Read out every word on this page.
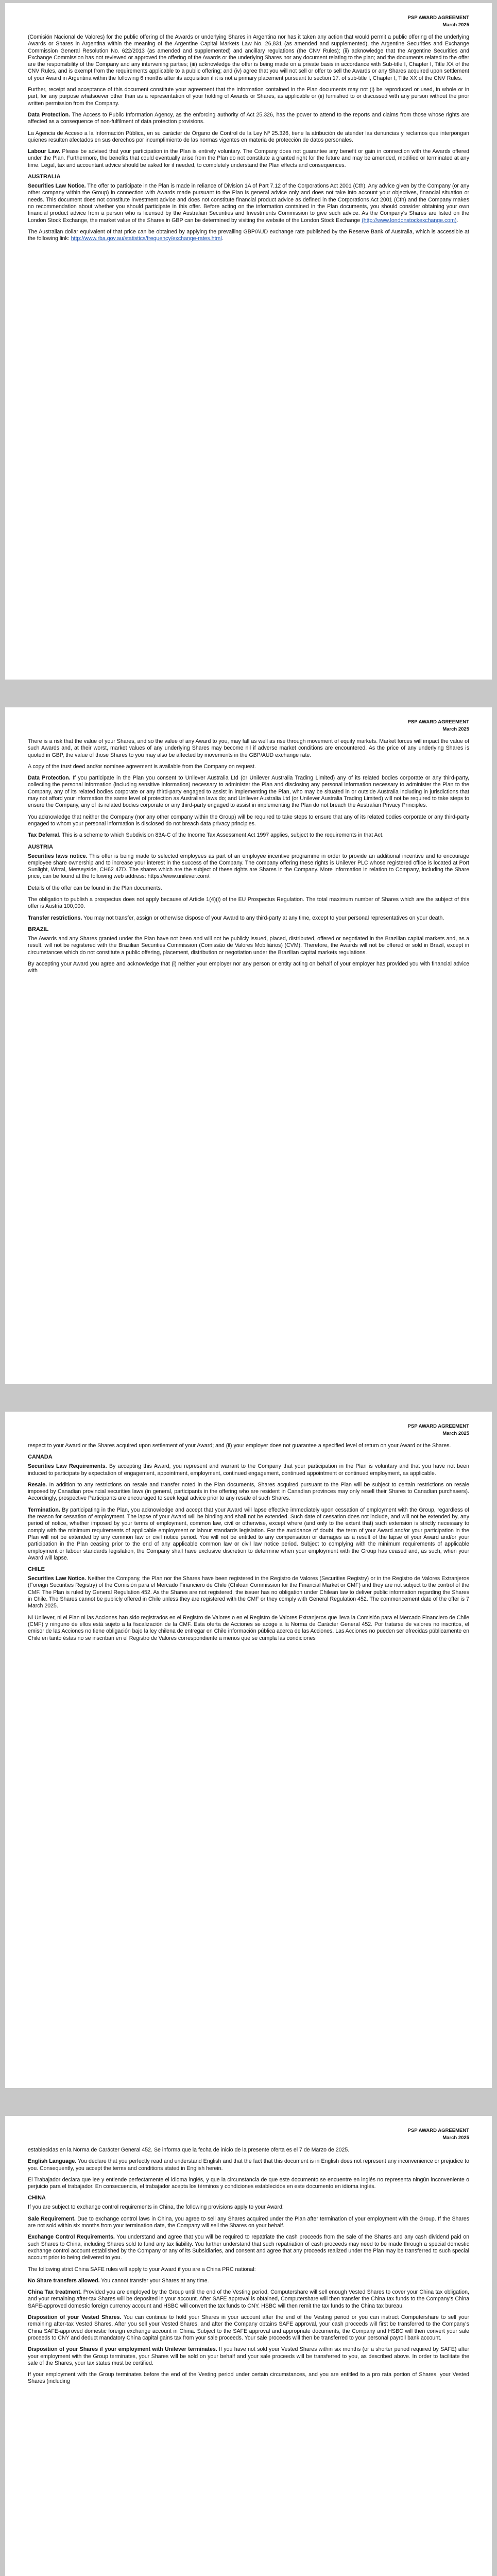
PSP AWARD AGREEMENT
March 2025

(Comisión Nacional de Valores) for the public offering of the Awards or underlying Shares in Argentina nor has it taken any action that would permit a public offering of the underlying Awards or Shares in Argentina within the meaning of the Argentine Capital Markets Law No. 26,831 (as amended and supplemented), the Argentine Securities and Exchange Commission General Resolution No. 622/2013 (as amended and supplemented) and ancillary regulations (the CNV Rules); (ii) acknowledge that the Argentine Securities and Exchange Commission has not reviewed or approved the offering of the Awards or the underlying Shares nor any document relating to the plan; and the documents related to the offer are the responsibility of the Company and any intervening parties; (iii) acknowledge the offer is being made on a private basis in accordance with Sub-title I, Chapter I, Title XX of the CNV Rules, and is exempt from the requirements applicable to a public offering; and (iv) agree that you will not sell or offer to sell the Awards or any Shares acquired upon settlement of your Award in Argentina within the following 6 months after its acquisition if it is not a primary placement pursuant to section 17. of sub-title I, Chapter I, Title XX of the CNV Rules.

Further, receipt and acceptance of this document constitute your agreement that the information contained in the Plan documents may not (i) be reproduced or used, in whole or in part, for any purpose whatsoever other than as a representation of your holding of Awards or Shares, as applicable or (ii) furnished to or discussed with any person without the prior written permission from the Company.

Data Protection. The Access to Public Information Agency, as the enforcing authority of Act 25.326, has the power to attend to the reports and claims from those whose rights are affected as a consequence of non-fulfilment of data protection provisions.

La Agencia de Acceso a la Información Pública, en su carácter de Órgano de Control de la Ley Nº 25.326, tiene la atribución de atender las denuncias y reclamos que interpongan quienes resulten afectados en sus derechos por incumplimiento de las normas vigentes en materia de protección de datos personales.

Labour Law. Please be advised that your participation in the Plan is entirely voluntary. The Company does not guarantee any benefit or gain in connection with the Awards offered under the Plan. Furthermore, the benefits that could eventually arise from the Plan do not constitute a granted right for the future and may be amended, modified or terminated at any time. Legal, tax and accountant advice should be asked for if needed, to completely understand the Plan effects and consequences.

AUSTRALIA

Securities Law Notice. The offer to participate in the Plan is made in reliance of Division 1A of Part 7.12 of the Corporations Act 2001 (Cth). Any advice given by the Company (or any other company within the Group) in connection with Awards made pursuant to the Plan is general advice only and does not take into account your objectives, financial situation or needs. This document does not constitute investment advice and does not constitute financial product advice as defined in the Corporations Act 2001 (Cth) and the Company makes no recommendation about whether you should participate in this offer. Before acting on the information contained in the Plan documents, you should consider obtaining your own financial product advice from a person who is licensed by the Australian Securities and Investments Commission to give such advice. As the Company's Shares are listed on the London Stock Exchange, the market value of the Shares in GBP can be determined by visiting the website of the London Stock Exchange (http://www.londonstockexchange.com).

The Australian dollar equivalent of that price can be obtained by applying the prevailing GBP/AUD exchange rate published by the Reserve Bank of Australia, which is accessible at the following link: http://www.rba.gov.au/statistics/frequency/exchange-rates.html.

PSP AWARD AGREEMENT
March 2025

There is a risk that the value of your Shares, and so the value of any Award to you, may fall as well as rise through movement of equity markets. Market forces will impact the value of such Awards and, at their worst, market values of any underlying Shares may become nil if adverse market conditions are encountered. As the price of any underlying Shares is quoted in GBP, the value of those Shares to you may also be affected by movements in the GBP/AUD exchange rate.

A copy of the trust deed and/or nominee agreement is available from the Company on request.

Data Protection. If you participate in the Plan you consent to Unilever Australia Ltd (or Unilever Australia Trading Limited) any of its related bodies corporate or any third-party, collecting the personal information (including sensitive information) necessary to administer the Plan and disclosing any personal information necessary to administer the Plan to the Company, any of its related bodies corporate or any third-party engaged to assist in implementing the Plan, who may be situated in or outside Australia including in jurisdictions that may not afford your information the same level of protection as Australian laws do; and Unilever Australia Ltd (or Unilever Australia Trading Limited) will not be required to take steps to ensure the Company, any of its related bodies corporate or any third-party engaged to assist in implementing the Plan do not breach the Australian Privacy Principles.

You acknowledge that neither the Company (nor any other company within the Group) will be required to take steps to ensure that any of its related bodies corporate or any third-party engaged to whom your personal information is disclosed do not breach data privacy principles.

Tax Deferral. This is a scheme to which Subdivision 83A-C of the Income Tax Assessment Act 1997 applies, subject to the requirements in that Act.

AUSTRIA

Securities laws notice. This offer is being made to selected employees as part of an employee incentive programme in order to provide an additional incentive and to encourage employee share ownership and to increase your interest in the success of the Company. The company offering these rights is Unilever PLC whose registered office is located at Port Sunlight, Wirral, Merseyside, CH62 4ZD. The shares which are the subject of these rights are Shares in the Company. More information in relation to Company, including the Share price, can be found at the following web address: https://www.unilever.com/.

Details of the offer can be found in the Plan documents.

The obligation to publish a prospectus does not apply because of Article 1(4)(i) of the EU Prospectus Regulation. The total maximum number of Shares which are the subject of this offer is Austria 100,000.

Transfer restrictions. You may not transfer, assign or otherwise dispose of your Award to any third-party at any time, except to your personal representatives on your death.

BRAZIL

The Awards and any Shares granted under the Plan have not been and will not be publicly issued, placed, distributed, offered or negotiated in the Brazilian capital markets and, as a result, will not be registered with the Brazilian Securities Commission (Comissão de Valores Mobiliários) (CVM). Therefore, the Awards will not be offered or sold in Brazil, except in circumstances which do not constitute a public offering, placement, distribution or negotiation under the Brazilian capital markets regulations.

By accepting your Award you agree and acknowledge that (i) neither your employer nor any person or entity acting on behalf of your employer has provided you with financial advice with

PSP AWARD AGREEMENT
March 2025

respect to your Award or the Shares acquired upon settlement of your Award; and (ii) your employer does not guarantee a specified level of return on your Award or the Shares.

CANADA

Securities Law Requirements. By accepting this Award, you represent and warrant to the Company that your participation in the Plan is voluntary and that you have not been induced to participate by expectation of engagement, appointment, employment, continued engagement, continued appointment or continued employment, as applicable.

Resale. In addition to any restrictions on resale and transfer noted in the Plan documents, Shares acquired pursuant to the Plan will be subject to certain restrictions on resale imposed by Canadian provincial securities laws (in general, participants in the offering who are resident in Canadian provinces may only resell their Shares to Canadian purchasers). Accordingly, prospective Participants are encouraged to seek legal advice prior to any resale of such Shares.

Termination. By participating in the Plan, you acknowledge and accept that your Award will lapse effective immediately upon cessation of employment with the Group, regardless of the reason for cessation of employment. The lapse of your Award will be binding and shall not be extended. Such date of cessation does not include, and will not be extended by, any period of notice, whether imposed by your terms of employment, common law, civil or otherwise, except where (and only to the extent that) such extension is strictly necessary to comply with the minimum requirements of applicable employment or labour standards legislation. For the avoidance of doubt, the term of your Award and/or your participation in the Plan will not be extended by any common law or civil notice period. You will not be entitled to any compensation or damages as a result of the lapse of your Award and/or your participation in the Plan ceasing prior to the end of any applicable common law or civil law notice period. Subject to complying with the minimum requirements of applicable employment or labour standards legislation, the Company shall have exclusive discretion to determine when your employment with the Group has ceased and, as such, when your Award will lapse.

CHILE

Securities Law Notice. Neither the Company, the Plan nor the Shares have been registered in the Registro de Valores (Securities Registry) or in the Registro de Valores Extranjeros (Foreign Securities Registry) of the Comisión para el Mercado Financiero de Chile (Chilean Commission for the Financial Market or CMF) and they are not subject to the control of the CMF. The Plan is ruled by General Regulation 452. As the Shares are not registered, the issuer has no obligation under Chilean law to deliver public information regarding the Shares in Chile. The Shares cannot be publicly offered in Chile unless they are registered with the CMF or they comply with General Regulation 452. The commencement date of the offer is 7 March 2025.

Ni Unilever, ni el Plan ni las Acciones han sido registrados en el Registro de Valores o en el Registro de Valores Extranjeros que lleva la Comisión para el Mercado Financiero de Chile (CMF) y ninguno de ellos está sujeto a la fiscalización de la CMF. Esta oferta de Acciones se acoge a la Norma de Carácter General 452. Por tratarse de valores no inscritos, el emisor de las Acciones no tiene obligación bajo la ley chilena de entregar en Chile información pública acerca de las Acciones. Las Acciones no pueden ser ofrecidas públicamente en Chile en tanto éstas no se inscriban en el Registro de Valores correspondiente a menos que se cumpla las condiciones

PSP AWARD AGREEMENT
March 2025

establecidas en la Norma de Carácter General 452. Se informa que la fecha de inicio de la presente oferta es el 7 de Marzo de 2025.

English Language. You declare that you perfectly read and understand English and that the fact that this document is in English does not represent any inconvenience or prejudice to you. Consequently, you accept the terms and conditions stated in English herein.

El Trabajador declara que lee y entiende perfectamente el idioma inglés, y que la circunstancia de que este documento se encuentre en inglés no representa ningún inconveniente o perjuicio para el trabajador. En consecuencia, el trabajador acepta los términos y condiciones establecidos en este documento en idioma inglés.

CHINA

If you are subject to exchange control requirements in China, the following provisions apply to your Award:

Sale Requirement. Due to exchange control laws in China, you agree to sell any Shares acquired under the Plan after termination of your employment with the Group. If the Shares are not sold within six months from your termination date, the Company will sell the Shares on your behalf.

Exchange Control Requirements. You understand and agree that you will be required to repatriate the cash proceeds from the sale of the Shares and any cash dividend paid on such Shares to China, including Shares sold to fund any tax liability. You further understand that such repatriation of cash proceeds may need to be made through a special domestic exchange control account established by the Company or any of its Subsidiaries, and consent and agree that any proceeds realized under the Plan may be transferred to such special account prior to being delivered to you.

The following strict China SAFE rules will apply to your Award if you are a China PRC national:

No Share transfers allowed. You cannot transfer your Shares at any time.

China Tax treatment. Provided you are employed by the Group until the end of the Vesting period, Computershare will sell enough Vested Shares to cover your China tax obligation, and your remaining after-tax Shares will be deposited in your account. After SAFE approval is obtained, Computershare will then transfer the China tax funds to the Company's China SAFE-approved domestic foreign currency account and HSBC will convert the tax funds to CNY. HSBC will then remit the tax funds to the China tax bureau.

Disposition of your Vested Shares. You can continue to hold your Shares in your account after the end of the Vesting period or you can instruct Computershare to sell your remaining after-tax Vested Shares. After you sell your Vested Shares, and after the Company obtains SAFE approval, your cash proceeds will first be transferred to the Company's China SAFE-approved domestic foreign exchange account in China. Subject to the SAFE approval and appropriate documents, the Company and HSBC will then convert your sale proceeds to CNY and deduct mandatory China capital gains tax from your sale proceeds. Your sale proceeds will then be transferred to your personal payroll bank account.

Disposition of your Shares if your employment with Unilever terminates. If you have not sold your Vested Shares within six months (or a shorter period required by SAFE) after your employment with the Group terminates, your Shares will be sold on your behalf and your sale proceeds will be transferred to you, as described above. In order to facilitate the sale of the Shares, your tax status must be certified.

If your employment with the Group terminates before the end of the Vesting period under certain circumstances, and you are entitled to a pro rata portion of Shares, your Vested Shares (including
